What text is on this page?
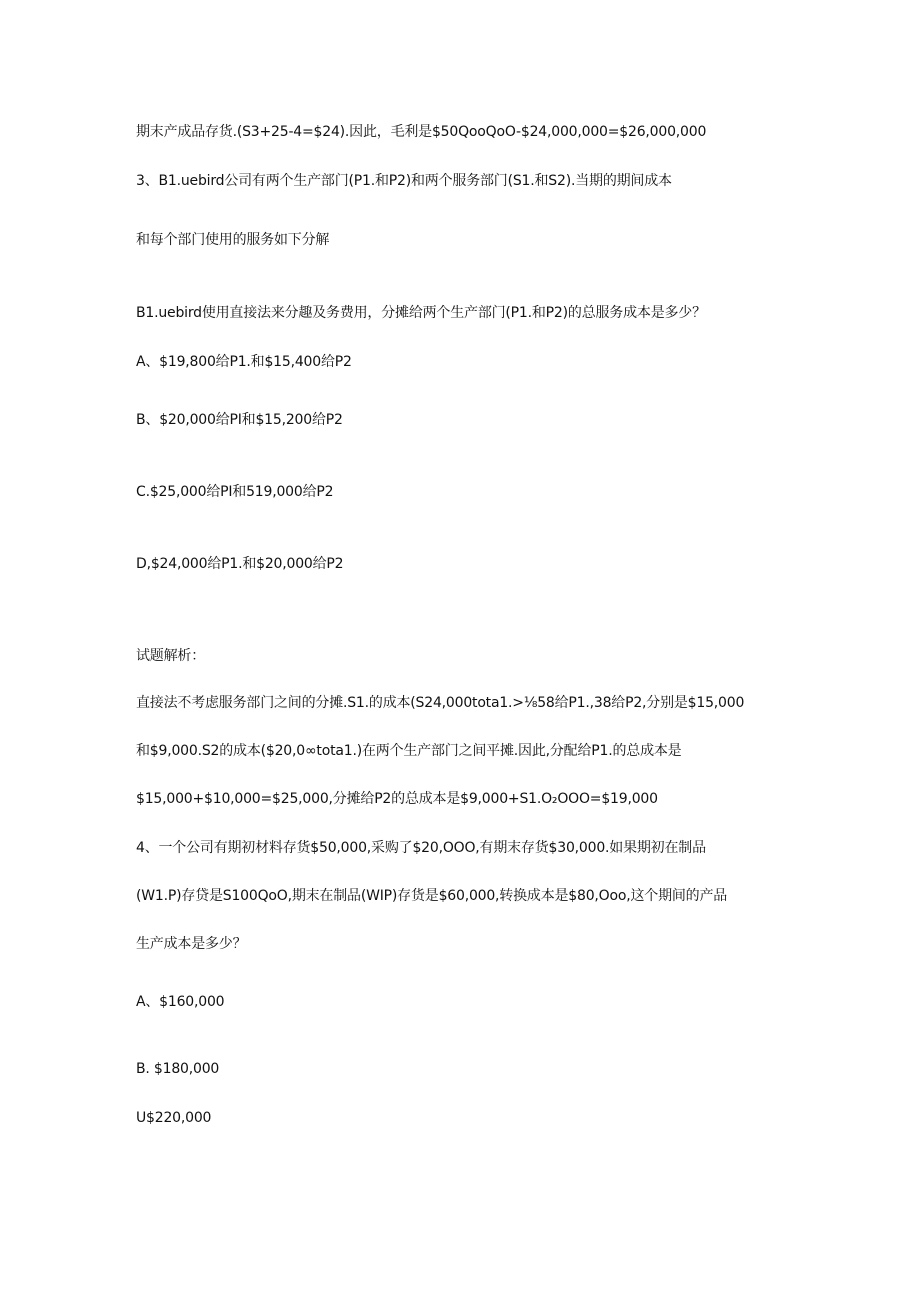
期末产成品存货.(S3+25-4=$24).因此，毛利是$50QooQoO-$24,000,000=$26,000,000
3、B1.uebird公司有两个生产部门(P1.和P2)和两个服务部门(S1.和S2).当期的期间成本
和每个部门使用的服务如下分解
B1.uebird使用直接法来分趣及务费用，分摊给两个生产部门(P1.和P2)的总服务成本是多少？
A、$19,800给P1.和$15,400给P2
B、$20,000给PI和$15,200给P2
C.$25,000给PI和519,000给P2
D,$24,000给P1.和$20,000给P2
试题解析：
直接法不考虑服务部门之间的分摊.S1.的成本(S24,000tota1.>⅛58给P1.,38给P2,分别是$15,000
和$9,000.S2的成本($20,0∞tota1.)在两个生产部门之间平摊.因此,分配给P1.的总成本是
$15,000+$10,000=$25,000,分摊给P2的总成本是$9,000+S1.O₂OOO=$19,000
4、一个公司有期初材料存货$50,000,采购了$20,OOO,有期末存货$30,000.如果期初在制品
(W1.P)存贷是S100QoO,期末在制品(WIP)存货是$60,000,转换成本是$80,Ooo,这个期间的产品
生产成本是多少？
A、$160,000
B. $180,000
U$220,000
